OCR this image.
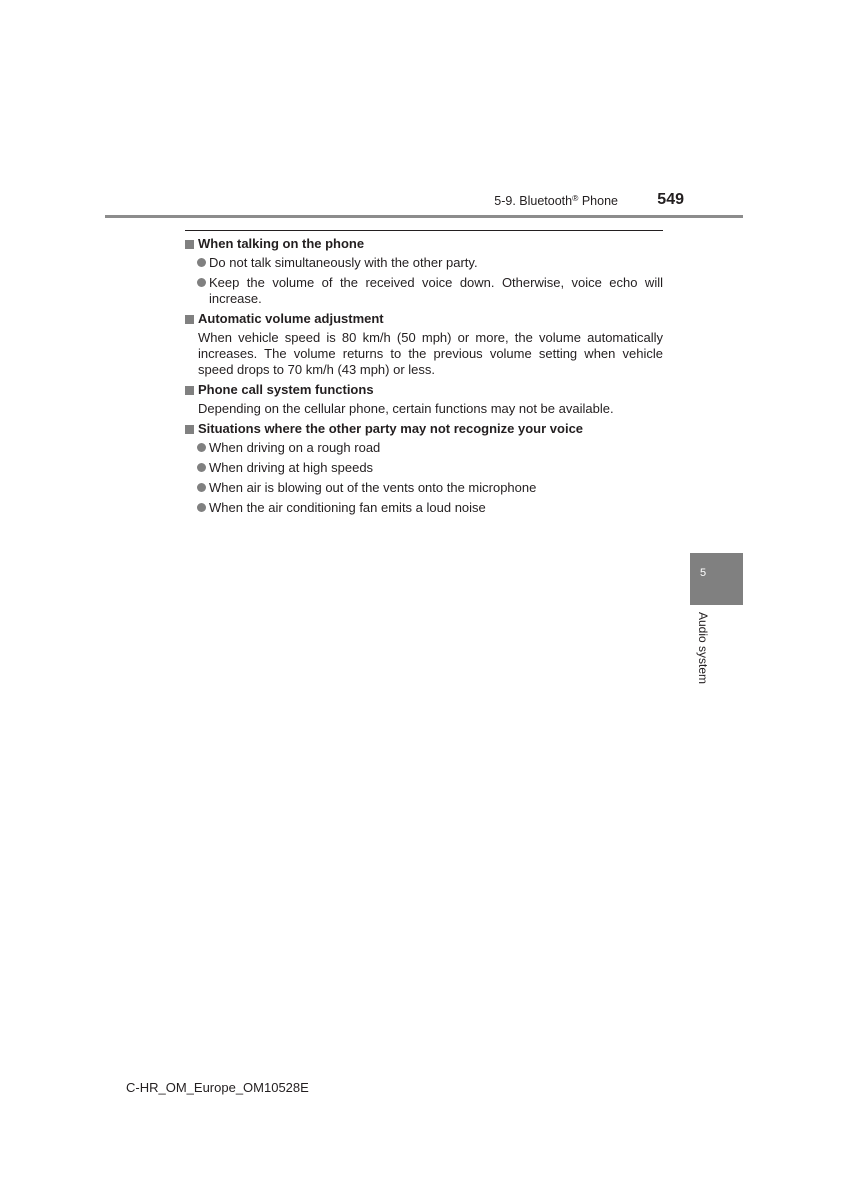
5-9. Bluetooth® Phone	549
When talking on the phone
Do not talk simultaneously with the other party.
Keep the volume of the received voice down. Otherwise, voice echo will increase.
Automatic volume adjustment
When vehicle speed is 80 km/h (50 mph) or more, the volume automatically increases. The volume returns to the previous volume setting when vehicle speed drops to 70 km/h (43 mph) or less.
Phone call system functions
Depending on the cellular phone, certain functions may not be available.
Situations where the other party may not recognize your voice
When driving on a rough road
When driving at high speeds
When air is blowing out of the vents onto the microphone
When the air conditioning fan emits a loud noise
5
Audio system
C-HR_OM_Europe_OM10528E
